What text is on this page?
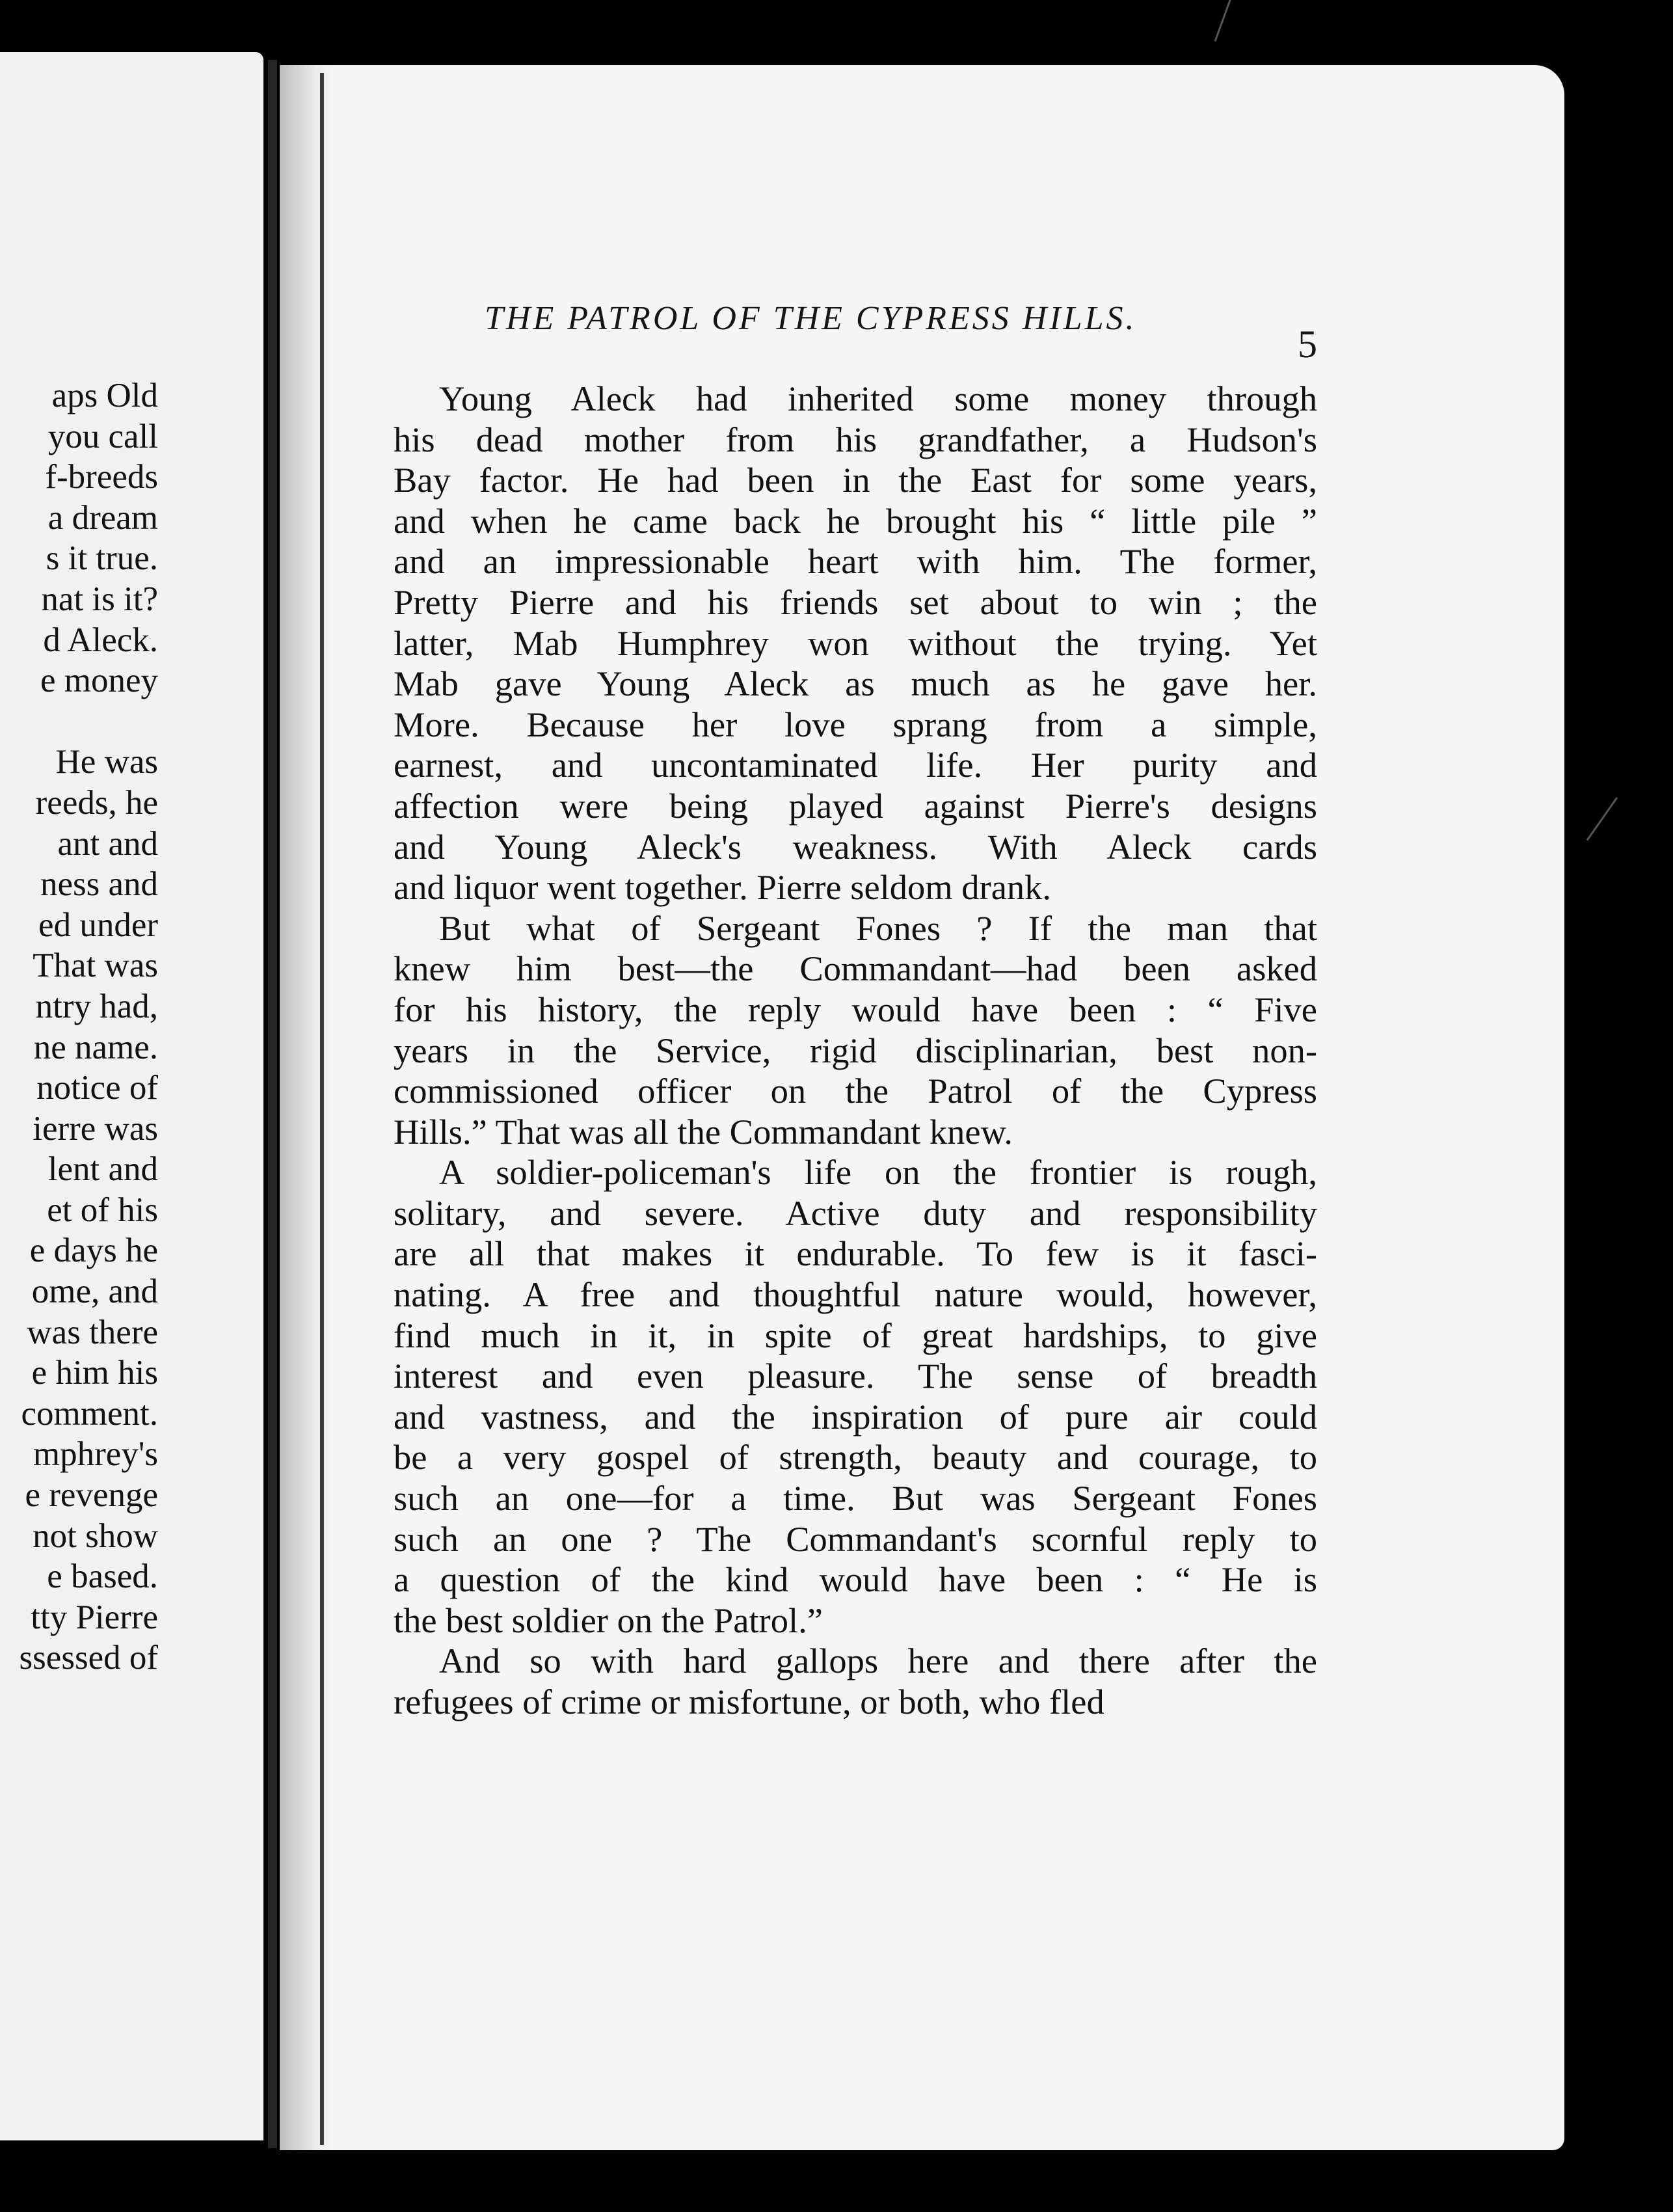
aps Old
you call
f-breeds
a dream
s it true.
nat is it?
d Aleck.
e money
He was
reeds, he
ant and
ness and
ed under
That was
ntry had,
ne name.
notice of
ierre was
lent and
et of his
e days he
ome, and
was there
e him his
comment.
mphrey's
e revenge
not show
e based.
tty Pierre
ssessed of
THE PATROL OF THE CYPRESS HILLS.
5
Young Aleck had inherited some money through
his dead mother from his grandfather, a Hudson's
Bay factor. He had been in the East for some years,
and when he came back he brought his “ little pile ”
and an impressionable heart with him. The former,
Pretty Pierre and his friends set about to win ; the
latter, Mab Humphrey won without the trying. Yet
Mab gave Young Aleck as much as he gave her.
More. Because her love sprang from a simple,
earnest, and uncontaminated life. Her purity and
affection were being played against Pierre's designs
and Young Aleck's weakness. With Aleck cards
and liquor went together. Pierre seldom drank.
But what of Sergeant Fones ? If the man that
knew him best—the Commandant—had been asked
for his history, the reply would have been : “ Five
years in the Service, rigid disciplinarian, best non-
commissioned officer on the Patrol of the Cypress
Hills.” That was all the Commandant knew.
A soldier-policeman's life on the frontier is rough,
solitary, and severe. Active duty and responsibility
are all that makes it endurable. To few is it fasci-
nating. A free and thoughtful nature would, however,
find much in it, in spite of great hardships, to give
interest and even pleasure. The sense of breadth
and vastness, and the inspiration of pure air could
be a very gospel of strength, beauty and courage, to
such an one—for a time. But was Sergeant Fones
such an one ? The Commandant's scornful reply to
a question of the kind would have been : “ He is
the best soldier on the Patrol.”
And so with hard gallops here and there after the
refugees of crime or misfortune, or both, who fled
